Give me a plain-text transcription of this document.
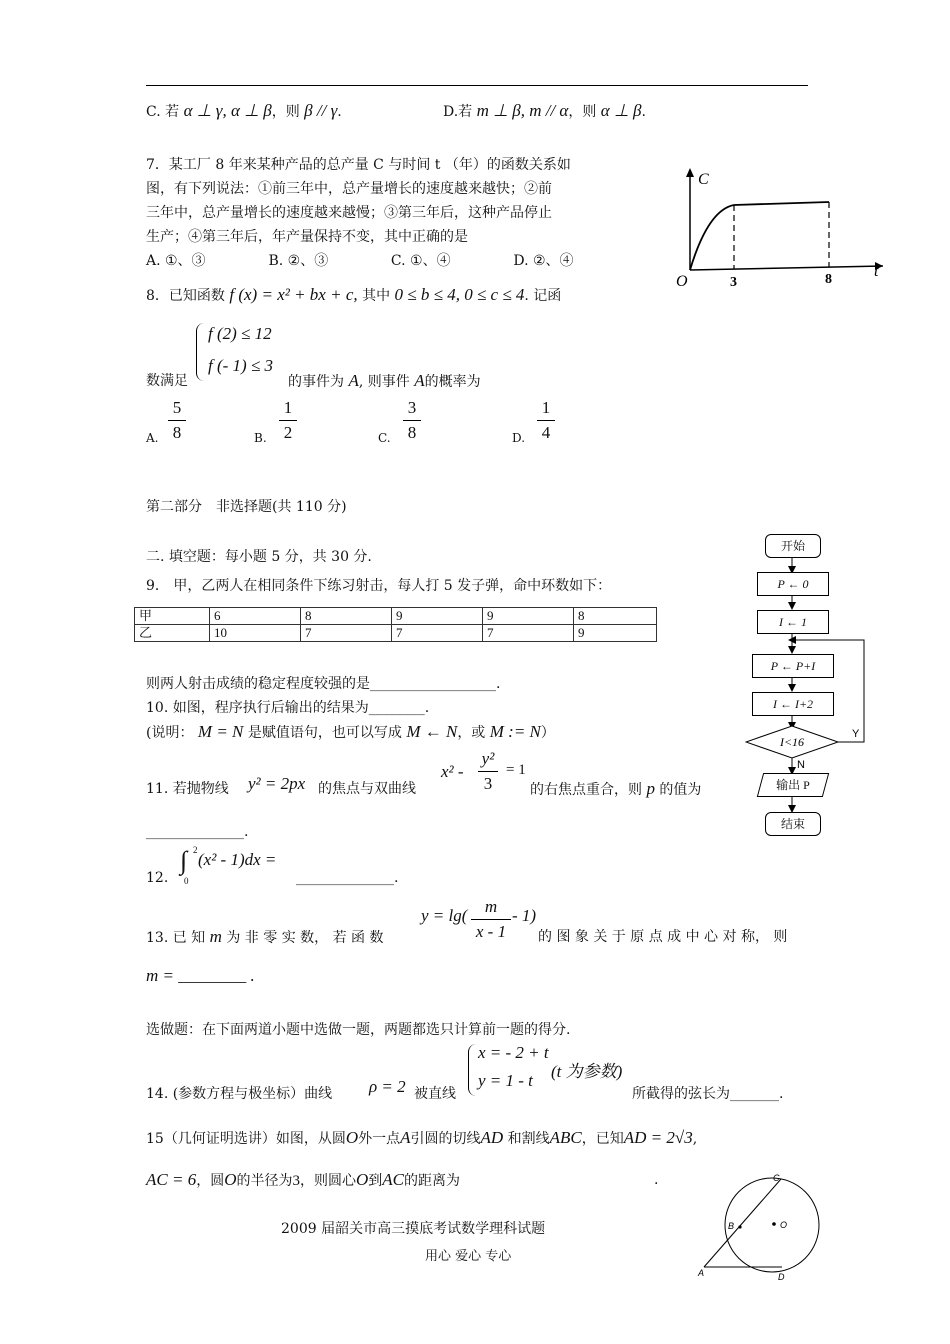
C. 若 α ⊥ γ, α ⊥ β，则 β // γ.	D.若 m ⊥ β, m // α，则 α ⊥ β.
7．某工厂 8 年来某种产品的总产量 C 与时间 t （年）的函数关系如
图，有下列说法：①前三年中，总产量增长的速度越来越快；②前
三年中，总产量增长的速度越来越慢；③第三年后，这种产品停止
生产；④第三年后，年产量保持不变，其中正确的是
A. ①、③	B. ②、③	C. ①、④	D. ②、④
C
t
O	3	8
8．已知函数 f (x) = x² + bx + c, 其中 0 ≤ b ≤ 4, 0 ≤ c ≤ 4. 记函
f (2) ≤ 12
f (- 1) ≤ 3
数满足	的事件为 A, 则事件 A的概率为
A.
5
8	B.
1
2	C.
3
8	D.
1
4
第二部分　非选择题(共 110 分)
二. 填空题：每小题 5 分，共 30 分.
9． 甲，乙两人在相同条件下练习射击，每人打 5 发子弹，命中环数如下：
甲	6	8	9	9	8
乙	10	7	7	7	9
则两人射击成绩的稳定程度较强的是__________________.
10. 如图，程序执行后输出的结果为________.
(说明： M = N 是赋值语句，也可以写成 M ← N，或 M := N）	Y
N
I<16
开始
P ← 0
I ← 1
P ← P+I
I ← I+2
输出 P
结束
11. 若抛物线 y² = 2px 的焦点与双曲线
x² -
y²
3
= 1
的右焦点重合，则 p 的值为
______________.
12.
∫ 2
0
(x² - 1)dx =
______________.
13. 已 知 m 为 非 零 实 数， 若 函 数
y = lg(	m
x - 1
- 1)
的 图 象 关 于 原 点 成 中 心 对 称， 则
m = ________ .
选做题：在下面两道小题中选做一题，两题都选只计算前一题的得分.
14. (参数方程与极坐标）曲线 ρ = 2 被直线
x = - 2 + t
y = 1 - t (t 为参数)
所截得的弦长为_______.
15（几何证明选讲）如图，从圆O外一点A引圆的切线AD 和割线ABC，已知AD = 2√3,
AC = 6，圆O的半径为3，则圆心O到AC的距离为	.	C
B	O
A	D
2009 届韶关市高三摸底考试数学理科试题
用心 爱心 专心
